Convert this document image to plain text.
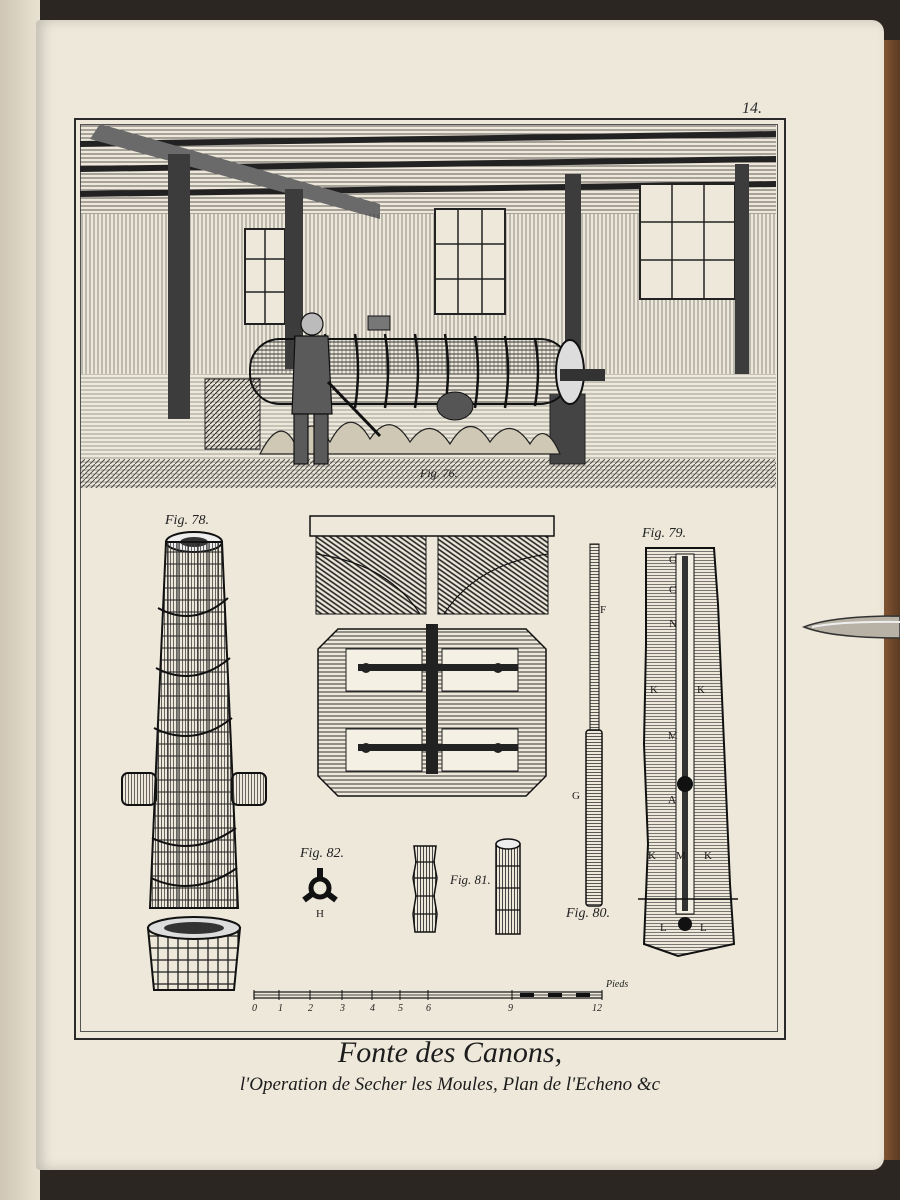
14.
Fig. 76.
Fig. 78.
m
F
G
Fig. 80.
Fig. 79.
O
C
N
K	K
M
A
K M K
L	L
Fig. 82.
H
Fig. 81.
0 1	2	3	4 5 6	9	12
Pieds
Fonte des Canons,
l'Operation de Secher les Moules, Plan de l'Echeno &c
